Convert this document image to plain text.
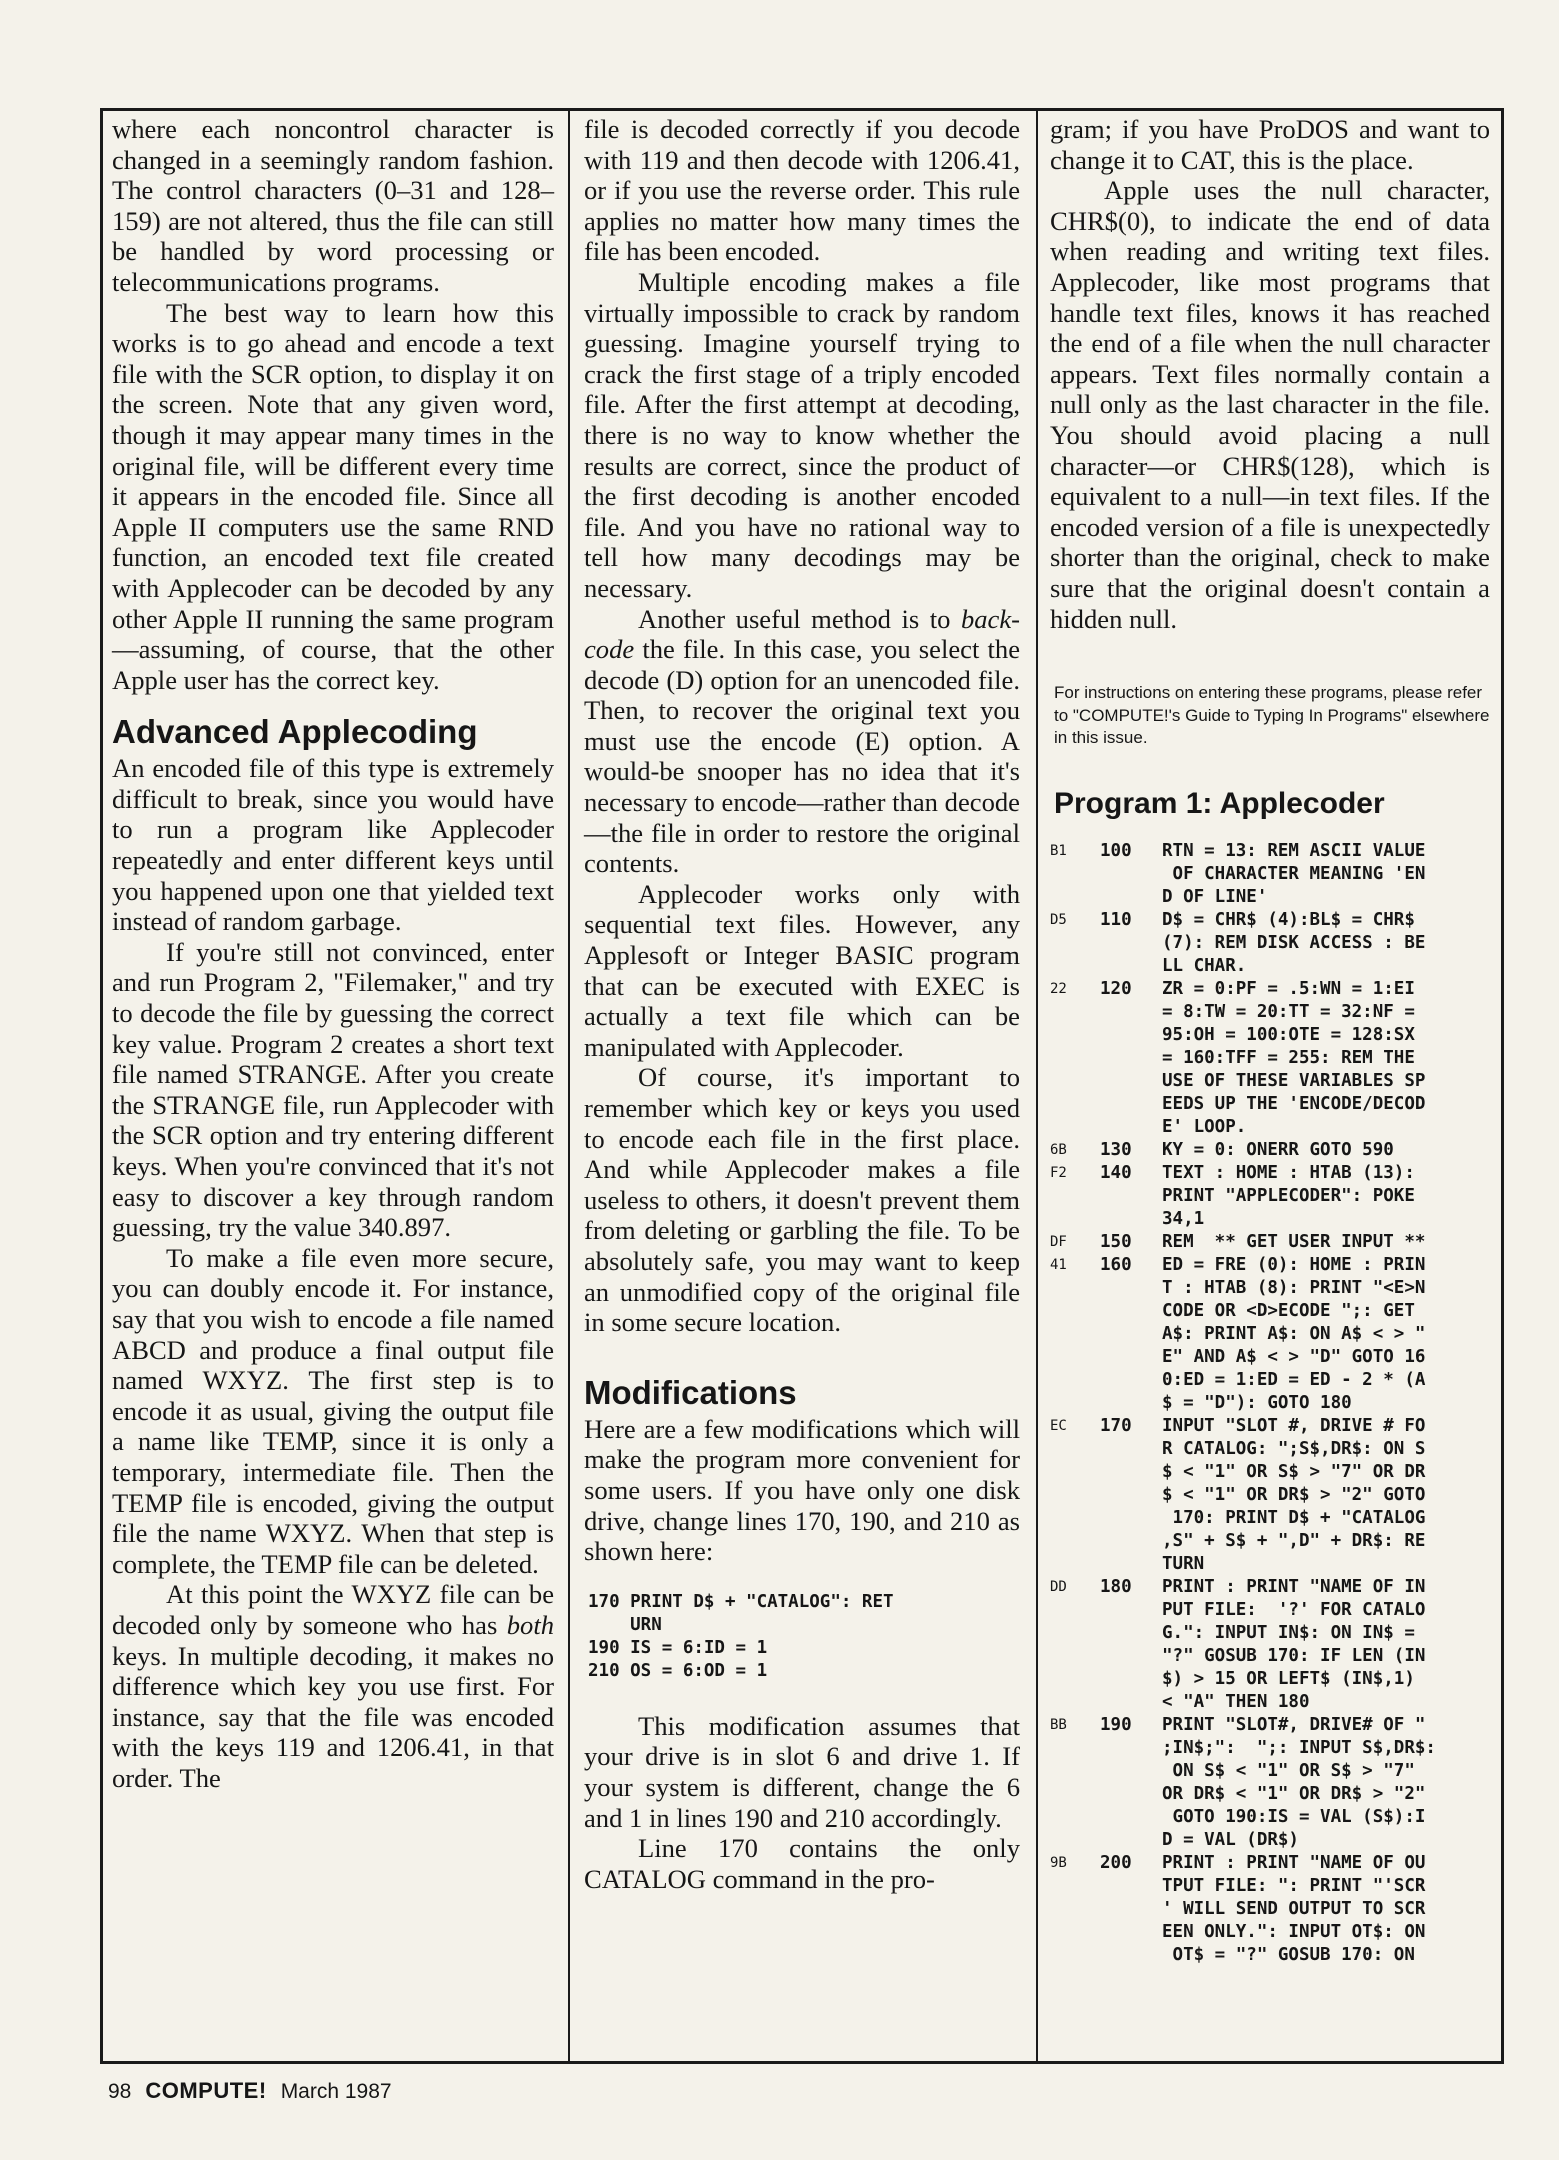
where each noncontrol character is changed in a seemingly random fashion. The control characters (0–31 and 128–159) are not altered, thus the file can still be handled by word processing or telecommunications programs.

The best way to learn how this works is to go ahead and encode a text file with the SCR option, to display it on the screen. Note that any given word, though it may appear many times in the original file, will be different every time it appears in the encoded file. Since all Apple II computers use the same RND function, an encoded text file created with Applecoder can be decoded by any other Apple II running the same program—assuming, of course, that the other Apple user has the correct key.

Advanced Applecoding

An encoded file of this type is extremely difficult to break, since you would have to run a program like Applecoder repeatedly and enter different keys until you happened upon one that yielded text instead of random garbage.

If you're still not convinced, enter and run Program 2, "Filemaker," and try to decode the file by guessing the correct key value. Program 2 creates a short text file named STRANGE. After you create the STRANGE file, run Applecoder with the SCR option and try entering different keys. When you're convinced that it's not easy to discover a key through random guessing, try the value 340.897.

To make a file even more secure, you can doubly encode it. For instance, say that you wish to encode a file named ABCD and produce a final output file named WXYZ. The first step is to encode it as usual, giving the output file a name like TEMP, since it is only a temporary, intermediate file. Then the TEMP file is encoded, giving the output file the name WXYZ. When that step is complete, the TEMP file can be deleted.

At this point the WXYZ file can be decoded only by someone who has both keys. In multiple decoding, it makes no difference which key you use first. For instance, say that the file was encoded with the keys 119 and 1206.41, in that order. The

file is decoded correctly if you decode with 119 and then decode with 1206.41, or if you use the reverse order. This rule applies no matter how many times the file has been encoded.

Multiple encoding makes a file virtually impossible to crack by random guessing. Imagine yourself trying to crack the first stage of a triply encoded file. After the first attempt at decoding, there is no way to know whether the results are correct, since the product of the first decoding is another encoded file. And you have no rational way to tell how many decodings may be necessary.

Another useful method is to back-code the file. In this case, you select the decode (D) option for an unencoded file. Then, to recover the original text you must use the encode (E) option. A would-be snooper has no idea that it's necessary to encode—rather than decode—the file in order to restore the original contents.

Applecoder works only with sequential text files. However, any Applesoft or Integer BASIC program that can be executed with EXEC is actually a text file which can be manipulated with Applecoder.

Of course, it's important to remember which key or keys you used to encode each file in the first place. And while Applecoder makes a file useless to others, it doesn't prevent them from deleting or garbling the file. To be absolutely safe, you may want to keep an unmodified copy of the original file in some secure location.

Modifications

Here are a few modifications which will make the program more convenient for some users. If you have only one disk drive, change lines 170, 190, and 210 as shown here:

170 PRINT D$ + "CATALOG": RET
URN
190 IS = 6:ID = 1
210 OS = 6:OD = 1

This modification assumes that your drive is in slot 6 and drive 1. If your system is different, change the 6 and 1 in lines 190 and 210 accordingly.

Line 170 contains the only CATALOG command in the pro-

gram; if you have ProDOS and want to change it to CAT, this is the place.

Apple uses the null character, CHR$(0), to indicate the end of data when reading and writing text files. Applecoder, like most programs that handle text files, knows it has reached the end of a file when the null character appears. Text files normally contain a null only as the last character in the file. You should avoid placing a null character—or CHR$(128), which is equivalent to a null—in text files. If the encoded version of a file is unexpectedly shorter than the original, check to make sure that the original doesn't contain a hidden null.

For instructions on entering these programs, please refer to "COMPUTE!'s Guide to Typing In Programs" elsewhere in this issue.
Program 1: Applecoder
B1	100	RTN = 13: REM ASCII VALUE
OF CHARACTER MEANING 'EN
D OF LINE'
D5	110	D$ = CHR$ (4):BL$ = CHR$
(7): REM DISK ACCESS : BE
LL CHAR.
22	120	ZR = 0:PF = .5:WN = 1:EI
= 8:TW = 20:TT = 32:NF =
95:OH = 100:OTE = 128:SX
= 160:TFF = 255: REM THE
USE OF THESE VARIABLES SP
EEDS UP THE 'ENCODE/DECOD
E' LOOP.
6B	130	KY = 0: ONERR GOTO 590
F2	140	TEXT : HOME : HTAB (13):
PRINT "APPLECODER": POKE
34,1
DF	150	REM  ** GET USER INPUT **
41	160	ED = FRE (0): HOME : PRIN
T : HTAB (8): PRINT "<E>N
CODE OR <D>ECODE ";: GET
A$: PRINT A$: ON A$ < > "
E" AND A$ < > "D" GOTO 16
0:ED = 1:ED = ED - 2 * (A
$ = "D"): GOTO 180
EC	170	INPUT "SLOT #, DRIVE # FO
R CATALOG: ";S$,DR$: ON S
$ < "1" OR S$ > "7" OR DR
$ < "1" OR DR$ > "2" GOTO
170: PRINT D$ + "CATALOG
,S" + S$ + ",D" + DR$: RE
TURN
DD	180	PRINT : PRINT "NAME OF IN
PUT FILE:  '?' FOR CATALO
G.": INPUT IN$: ON IN$ =
"?" GOSUB 170: IF LEN (IN
$) > 15 OR LEFT$ (IN$,1)
< "A" THEN 180
BB	190	PRINT "SLOT#, DRIVE# OF "
;IN$;":  ";: INPUT S$,DR$:
ON S$ < "1" OR S$ > "7"
OR DR$ < "1" OR DR$ > "2"
GOTO 190:IS = VAL (S$):I
D = VAL (DR$)
9B	200	PRINT : PRINT "NAME OF OU
TPUT FILE: ": PRINT "'SCR
' WILL SEND OUTPUT TO SCR
EEN ONLY.": INPUT OT$: ON
OT$ = "?" GOSUB 170: ON
98 COMPUTE! March 1987
